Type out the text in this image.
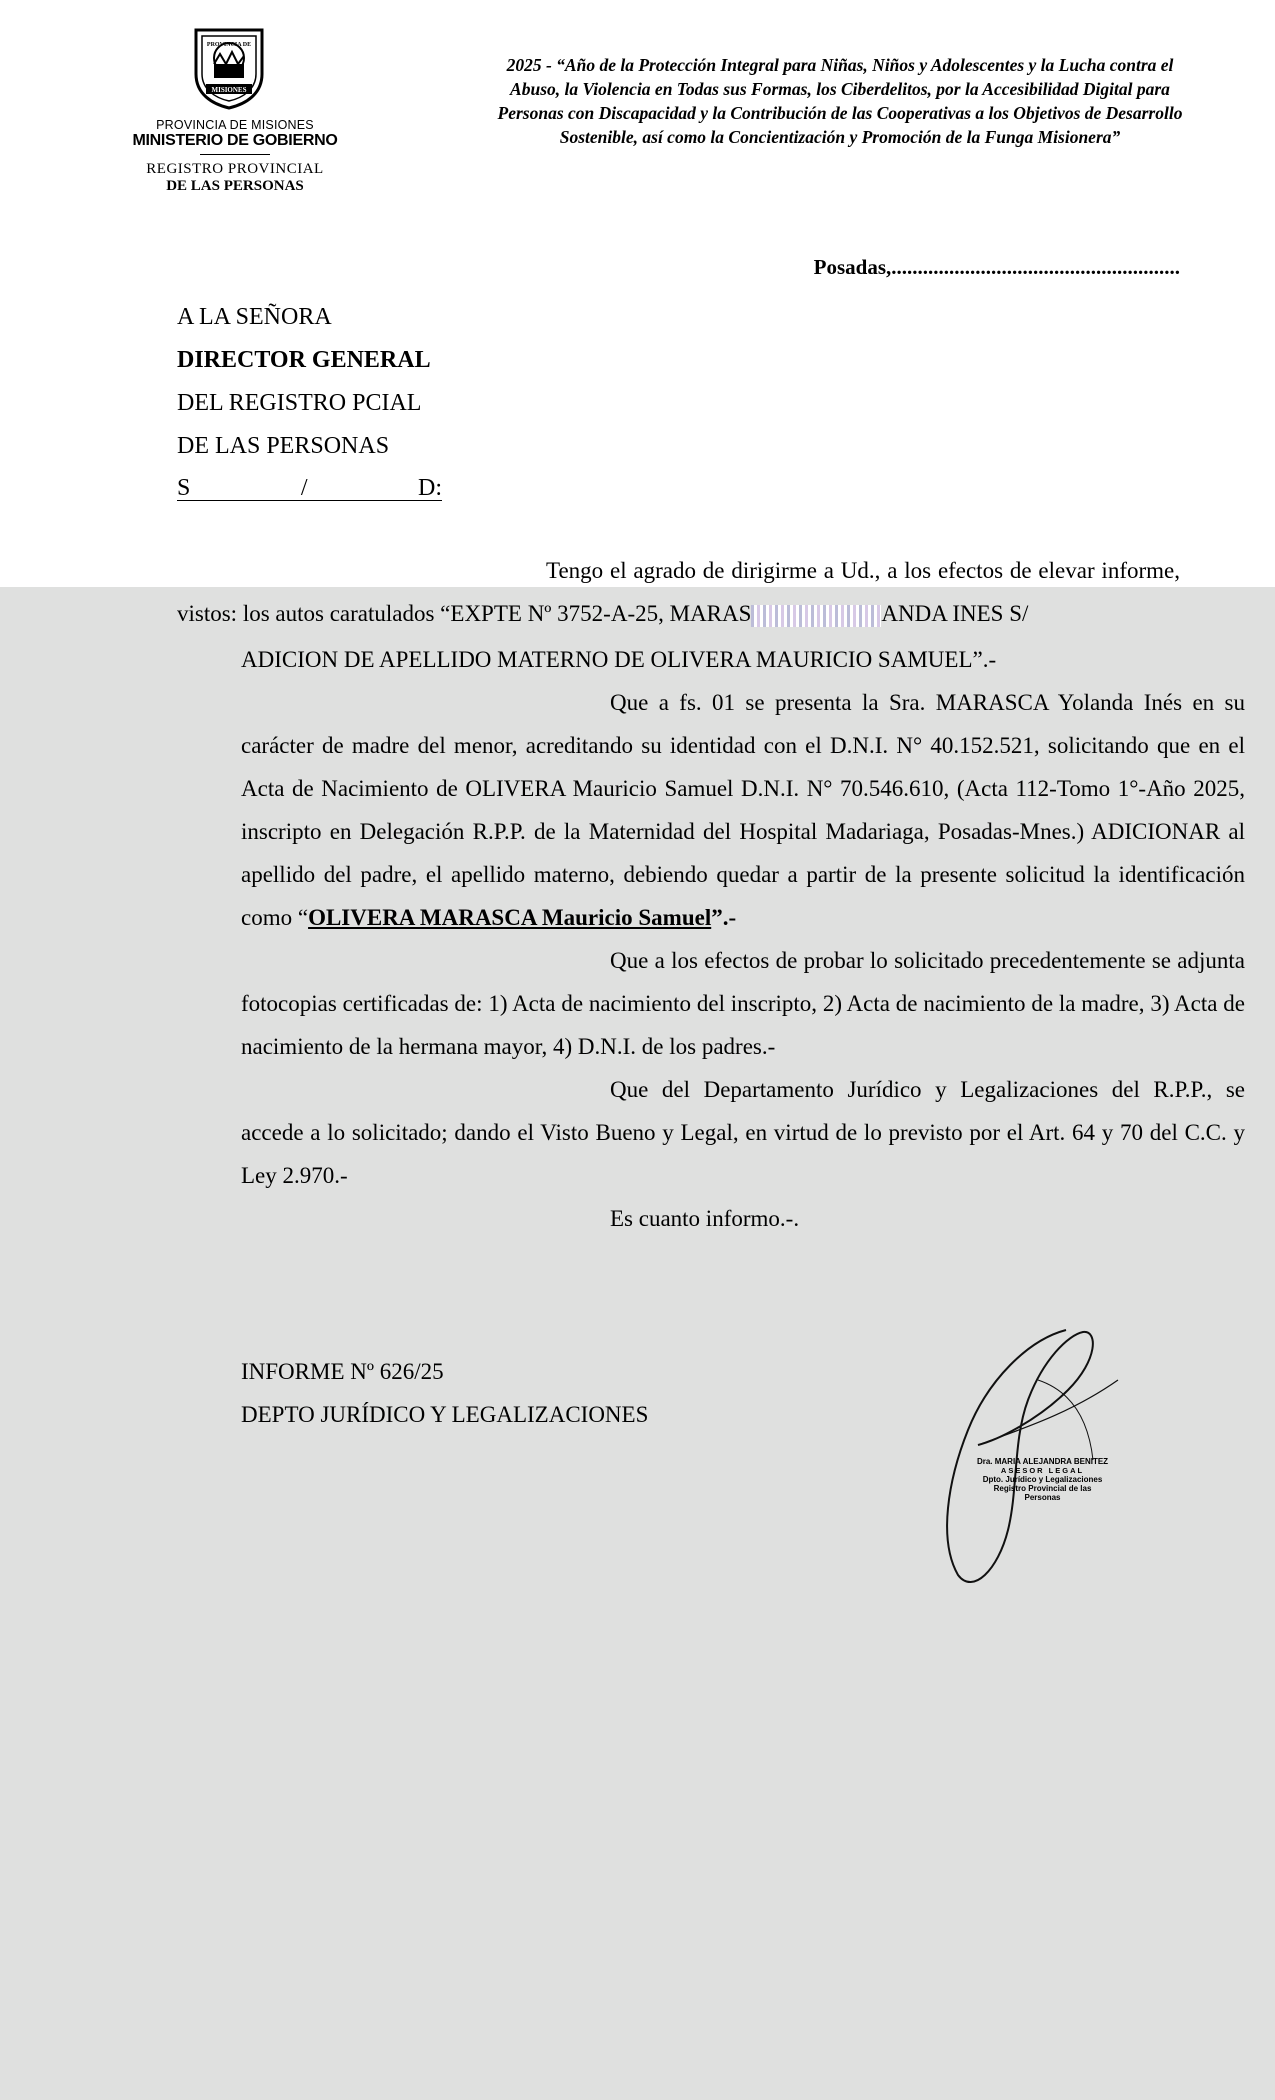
PROVINCIA DE
MISIONES
PROVINCIA DE MISIONES
MINISTERIO DE GOBIERNO
REGISTRO PROVINCIAL
DE LAS PERSONAS
2025 - “Año de la Protección Integral para Niñas, Niños y Adolescentes y la Lucha contra el Abuso, la Violencia en Todas sus Formas, los Ciberdelitos, por la Accesibilidad Digital para Personas con Discapacidad y la Contribución de las Cooperativas a los Objetivos de Desarrollo Sostenible, así como la Concientización y Promoción de la Funga Misionera”
Posadas,.......................................................
A LA SEÑORA
DIRECTOR GENERAL
DEL REGISTRO PCIAL
DE LAS PERSONAS
S	/	D:

Tengo el agrado de dirigirme a Ud., a los efectos de elevar informe, vistos: los autos caratulados “EXPTE Nº 3752-A-25, MARAS	ANDA INES S/

ADICION DE APELLIDO MATERNO DE OLIVERA MAURICIO SAMUEL”.-

Que a fs. 01 se presenta la Sra. MARASCA Yolanda Inés en su carácter de madre del menor, acreditando su identidad con el D.N.I. N° 40.152.521, solicitando que en el Acta de Nacimiento de OLIVERA Mauricio Samuel D.N.I. N° 70.546.610, (Acta 112-Tomo 1°-Año 2025, inscripto en Delegación R.P.P. de la Maternidad del Hospital Madariaga, Posadas-Mnes.) ADICIONAR al apellido del padre, el apellido materno, debiendo quedar a partir de la presente solicitud la identificación como “OLIVERA MARASCA Mauricio Samuel”.-

Que a los efectos de probar lo solicitado precedentemente se adjunta fotocopias certificadas de: 1) Acta de nacimiento del inscripto, 2) Acta de nacimiento de la madre, 3) Acta de nacimiento de la hermana mayor, 4) D.N.I. de los padres.-

Que del Departamento Jurídico y Legalizaciones del R.P.P., se accede a lo solicitado; dando el Visto Bueno y Legal, en virtud de lo previsto por el Art. 64 y 70 del C.C. y Ley 2.970.-

Es cuanto informo.-.

INFORME Nº 626/25
DEPTO JURÍDICO Y LEGALIZACIONES
Dra. MARIA ALEJANDRA BENITEZ
ASESOR LEGAL
Dpto. Jurídico y Legalizaciones
Registro Provincial de las Personas
